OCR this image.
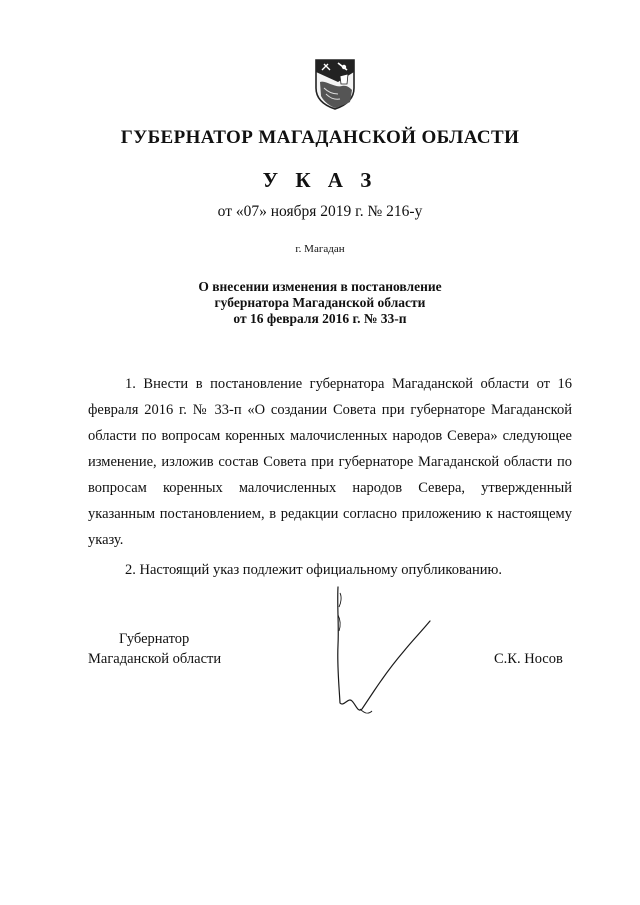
ГУБЕРНАТОР МАГАДАНСКОЙ ОБЛАСТИ
У К А З
от «07» ноября 2019 г. № 216-у
г. Магадан
О внесении изменения в постановление
губернатора Магаданской области
от 16 февраля 2016 г. № 33-п

1. Внести в постановление губернатора Магаданской области от 16 февраля 2016 г. № 33-п «О создании Совета при губернаторе Магаданской области по вопросам коренных малочисленных народов Севера» следующее изменение, изложив состав Совета при губернаторе Магаданской области по вопросам коренных малочисленных народов Севера, утвержденный указанным постановлением, в редакции согласно приложению к настоящему указу.

2. Настоящий указ подлежит официальному опубликованию.

Губернатор
Магаданской области	С.К. Носов
